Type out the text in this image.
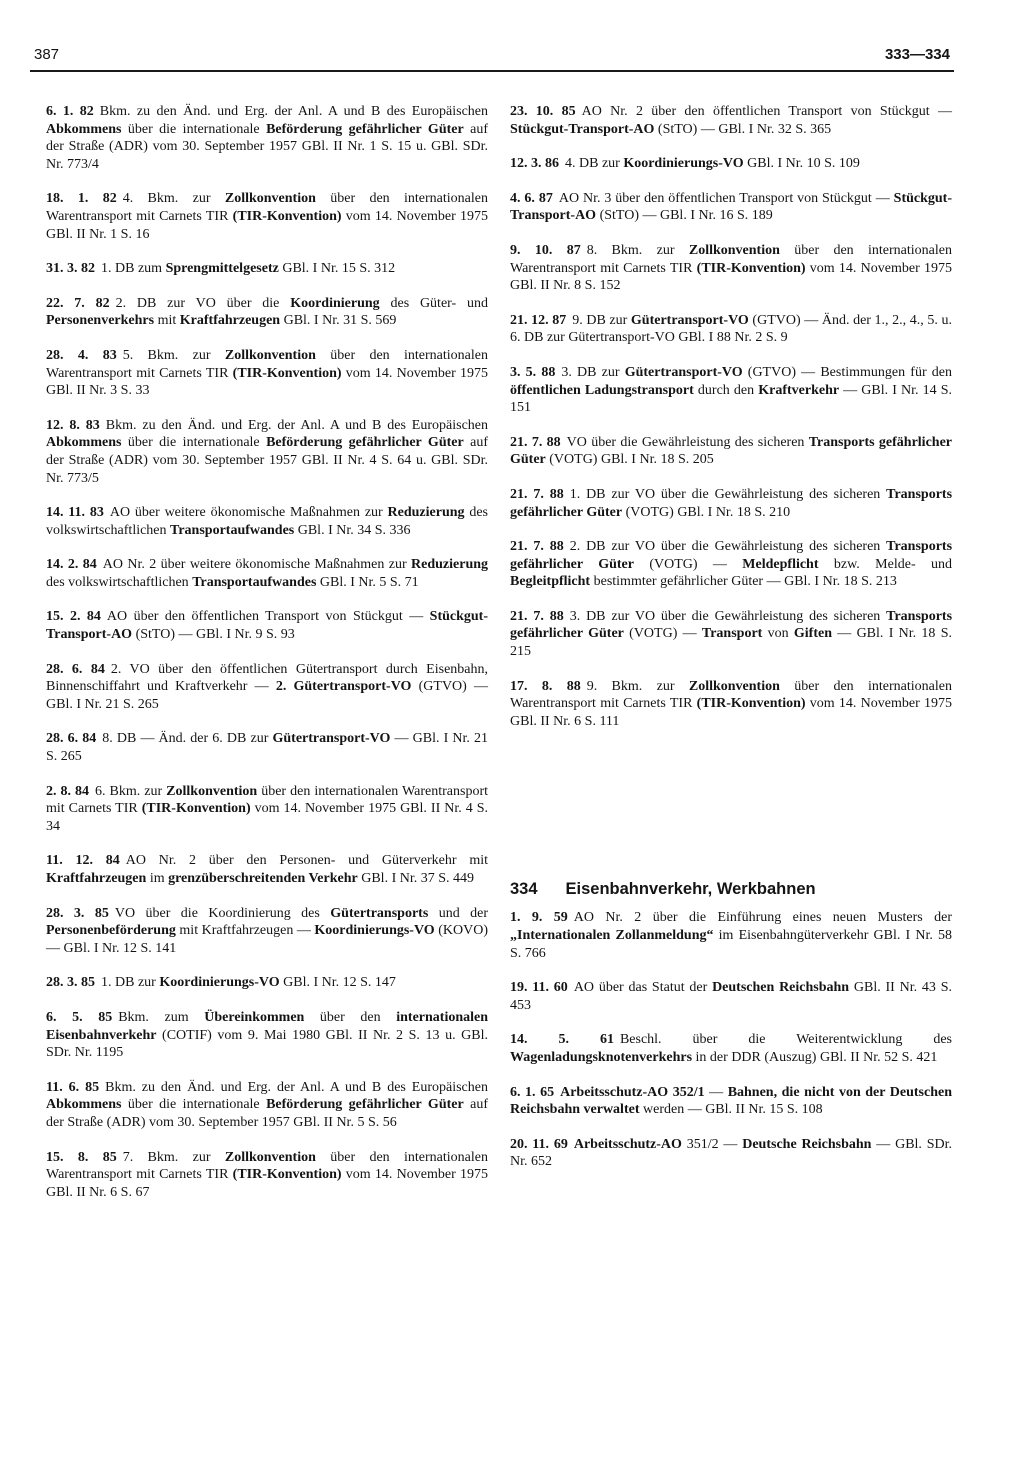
387	333—334
6. 1. 82 Bkm. zu den Änd. und Erg. der Anl. A und B des Europäischen Abkommens über die internationale Beförderung gefährlicher Güter auf der Straße (ADR) vom 30. September 1957 GBl. II Nr. 1 S. 15 u. GBl. SDr. Nr. 773/4
18. 1. 82 4. Bkm. zur Zollkonvention über den internationalen Warentransport mit Carnets TIR (TIR-Konvention) vom 14. November 1975 GBl. II Nr. 1 S. 16
31. 3. 82 1. DB zum Sprengmittelgesetz GBl. I Nr. 15 S. 312
22. 7. 82 2. DB zur VO über die Koordinierung des Güter- und Personenverkehrs mit Kraftfahrzeugen GBl. I Nr. 31 S. 569
28. 4. 83 5. Bkm. zur Zollkonvention über den internationalen Warentransport mit Carnets TIR (TIR-Konvention) vom 14. November 1975 GBl. II Nr. 3 S. 33
12. 8. 83 Bkm. zu den Änd. und Erg. der Anl. A und B des Europäischen Abkommens über die internationale Beförderung gefährlicher Güter auf der Straße (ADR) vom 30. September 1957 GBl. II Nr. 4 S. 64 u. GBl. SDr. Nr. 773/5
14. 11. 83 AO über weitere ökonomische Maßnahmen zur Reduzierung des volkswirtschaftlichen Transportaufwandes GBl. I Nr. 34 S. 336
14. 2. 84 AO Nr. 2 über weitere ökonomische Maßnahmen zur Reduzierung des volkswirtschaftlichen Transportaufwandes GBl. I Nr. 5 S. 71
15. 2. 84 AO über den öffentlichen Transport von Stückgut — Stückgut-Transport-AO (StTO) — GBl. I Nr. 9 S. 93
28. 6. 84 2. VO über den öffentlichen Gütertransport durch Eisenbahn, Binnenschiffahrt und Kraftverkehr — 2. Gütertransport-VO (GTVO) — GBl. I Nr. 21 S. 265
28. 6. 84 8. DB — Änd. der 6. DB zur Gütertransport-VO — GBl. I Nr. 21 S. 265
2. 8. 84 6. Bkm. zur Zollkonvention über den internationalen Warentransport mit Carnets TIR (TIR-Konvention) vom 14. November 1975 GBl. II Nr. 4 S. 34
11. 12. 84 AO Nr. 2 über den Personen- und Güterverkehr mit Kraftfahrzeugen im grenzüberschreitenden Verkehr GBl. I Nr. 37 S. 449
28. 3. 85 VO über die Koordinierung des Gütertransports und der Personenbeförderung mit Kraftfahrzeugen — Koordinierungs-VO (KOVO) — GBl. I Nr. 12 S. 141
28. 3. 85 1. DB zur Koordinierungs-VO GBl. I Nr. 12 S. 147
6. 5. 85 Bkm. zum Übereinkommen über den internationalen Eisenbahnverkehr (COTIF) vom 9. Mai 1980 GBl. II Nr. 2 S. 13 u. GBl. SDr. Nr. 1195
11. 6. 85 Bkm. zu den Änd. und Erg. der Anl. A und B des Europäischen Abkommens über die internationale Beförderung gefährlicher Güter auf der Straße (ADR) vom 30. September 1957 GBl. II Nr. 5 S. 56
15. 8. 85 7. Bkm. zur Zollkonvention über den internationalen Warentransport mit Carnets TIR (TIR-Konvention) vom 14. November 1975 GBl. II Nr. 6 S. 67
23. 10. 85 AO Nr. 2 über den öffentlichen Transport von Stückgut — Stückgut-Transport-AO (StTO) — GBl. I Nr. 32 S. 365
12. 3. 86 4. DB zur Koordinierungs-VO GBl. I Nr. 10 S. 109
4. 6. 87 AO Nr. 3 über den öffentlichen Transport von Stückgut — Stückgut-Transport-AO (StTO) — GBl. I Nr. 16 S. 189
9. 10. 87 8. Bkm. zur Zollkonvention über den internationalen Warentransport mit Carnets TIR (TIR-Konvention) vom 14. November 1975 GBl. II Nr. 8 S. 152
21. 12. 87 9. DB zur Gütertransport-VO (GTVO) — Änd. der 1., 2., 4., 5. u. 6. DB zur Gütertransport-VO GBl. I 88 Nr. 2 S. 9
3. 5. 88 3. DB zur Gütertransport-VO (GTVO) — Bestimmungen für den öffentlichen Ladungstransport durch den Kraftverkehr — GBl. I Nr. 14 S. 151
21. 7. 88 VO über die Gewährleistung des sicheren Transports gefährlicher Güter (VOTG) GBl. I Nr. 18 S. 205
21. 7. 88 1. DB zur VO über die Gewährleistung des sicheren Transports gefährlicher Güter (VOTG) GBl. I Nr. 18 S. 210
21. 7. 88 2. DB zur VO über die Gewährleistung des sicheren Transports gefährlicher Güter (VOTG) — Meldepflicht bzw. Melde- und Begleitpflicht bestimmter gefährlicher Güter — GBl. I Nr. 18 S. 213
21. 7. 88 3. DB zur VO über die Gewährleistung des sicheren Transports gefährlicher Güter (VOTG) — Transport von Giften — GBl. I Nr. 18 S. 215
17. 8. 88 9. Bkm. zur Zollkonvention über den internationalen Warentransport mit Carnets TIR (TIR-Konvention) vom 14. November 1975 GBl. II Nr. 6 S. 111
334 Eisenbahnverkehr, Werkbahnen
1. 9. 59 AO Nr. 2 über die Einführung eines neuen Musters der „Internationalen Zollanmeldung“ im Eisenbahngüterverkehr GBl. I Nr. 58 S. 766
19. 11. 60 AO über das Statut der Deutschen Reichsbahn GBl. II Nr. 43 S. 453
14. 5. 61 Beschl. über die Weiterentwicklung des Wagenladungsknotenverkehrs in der DDR (Auszug) GBl. II Nr. 52 S. 421
6. 1. 65 Arbeitsschutz-AO 352/1 — Bahnen, die nicht von der Deutschen Reichsbahn verwaltet werden — GBl. II Nr. 15 S. 108
20. 11. 69 Arbeitsschutz-AO 351/2 — Deutsche Reichsbahn — GBl. SDr. Nr. 652
